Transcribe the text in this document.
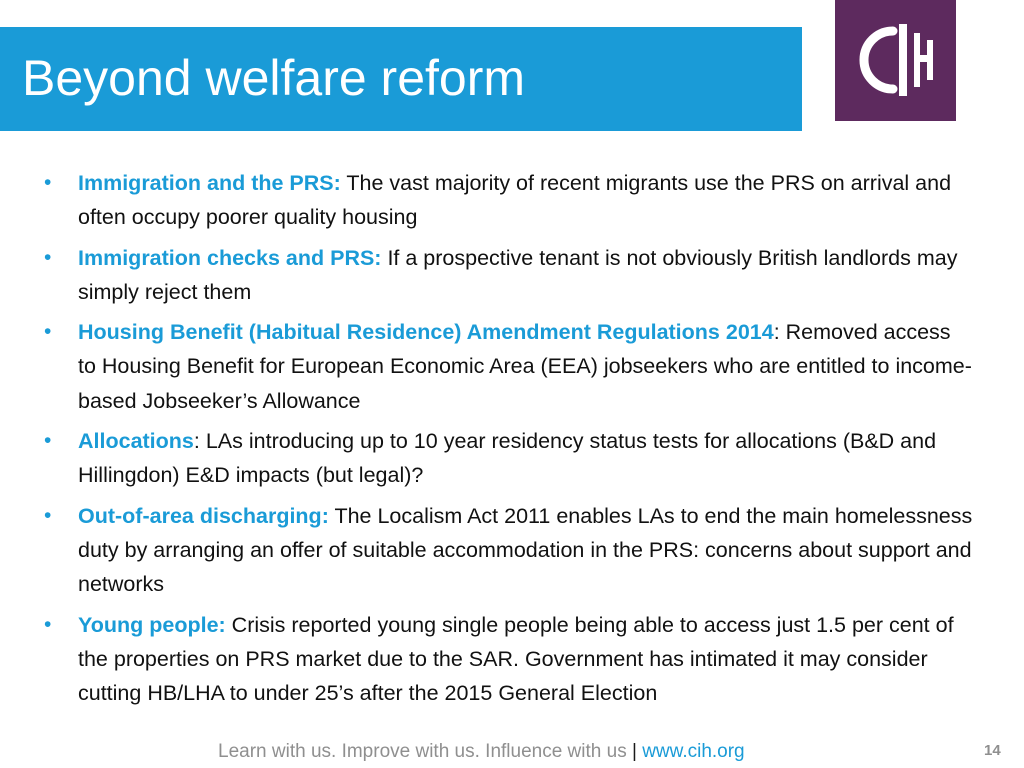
Beyond welfare reform
•	Immigration and the PRS: The vast majority of recent migrants use the PRS on arrival and often occupy poorer quality housing
•	Immigration checks and PRS: If a prospective tenant is not obviously British landlords may simply reject them
•	Housing Benefit (Habitual Residence) Amendment Regulations 2014: Removed access to Housing Benefit for European Economic Area (EEA) jobseekers who are entitled to income-based Jobseeker’s Allowance
•	Allocations: LAs introducing up to 10 year residency status tests for allocations (B&D and Hillingdon) E&D impacts (but legal)?
•	Out-of-area discharging: The Localism Act 2011 enables LAs to end the main homelessness duty by arranging an offer of suitable accommodation in the PRS: concerns about support and networks
•	Young people: Crisis reported young single people being able to access just 1.5 per cent of the properties on PRS market due to the SAR. Government has intimated it may consider cutting HB/LHA to under 25’s after the 2015 General Election
Learn with us. Improve with us. Influence with us | www.cih.org	14
